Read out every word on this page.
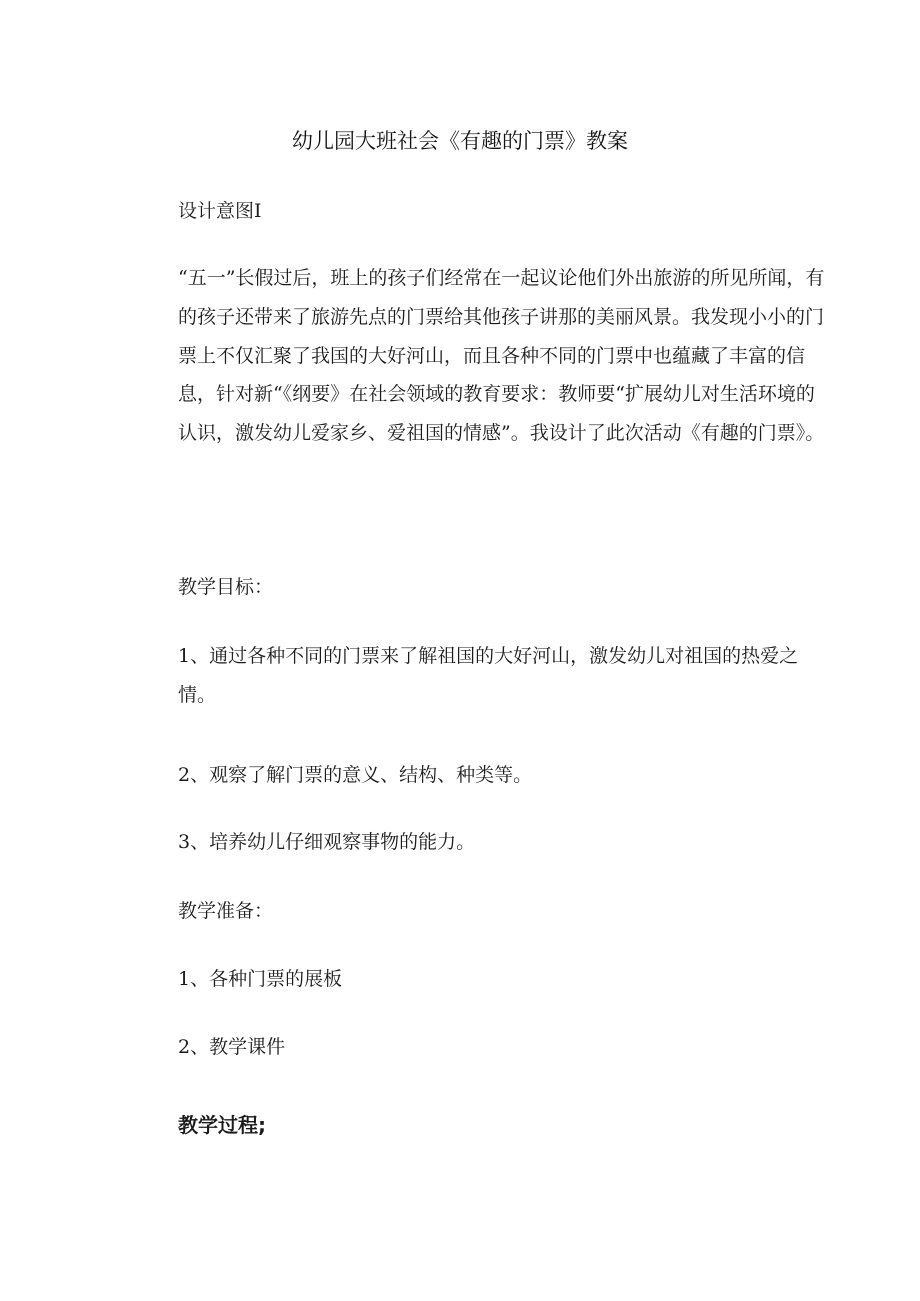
幼儿园大班社会《有趣的门票》教案

设计意图I

“五一”长假过后，班上的孩子们经常在一起议论他们外出旅游的所见所闻，有的孩子还带来了旅游先点的门票给其他孩子讲那的美丽风景。我发现小小的门票上不仅汇聚了我国的大好河山，而且各种不同的门票中也蕴藏了丰富的信息，针对新“《纲要》在社会领域的教育要求：教师要“扩展幼儿对生活环境的认识，激发幼儿爱家乡、爱祖国的情感”。我设计了此次活动《有趣的门票》。

教学目标：

1、通过各种不同的门票来了解祖国的大好河山，激发幼儿对祖国的热爱之情。

2、观察了解门票的意义、结构、种类等。

3、培养幼儿仔细观察事物的能力。

教学准备：

1、各种门票的展板

2、教学课件

教学过程;
